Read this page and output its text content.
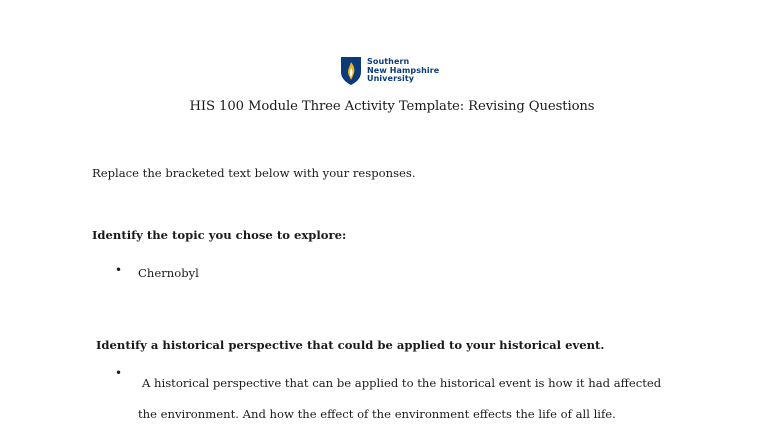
Southern
New Hampshire
University
HIS 100 Module Three Activity Template: Revising Questions
Replace the bracketed text below with your responses.
Identify the topic you chose to explore:
• Chernobyl
Identify a historical perspective that could be applied to your historical event.
•
A historical perspective that can be applied to the historical event is how it had affected the environment. And how the effect of the environment effects the life of all life.
